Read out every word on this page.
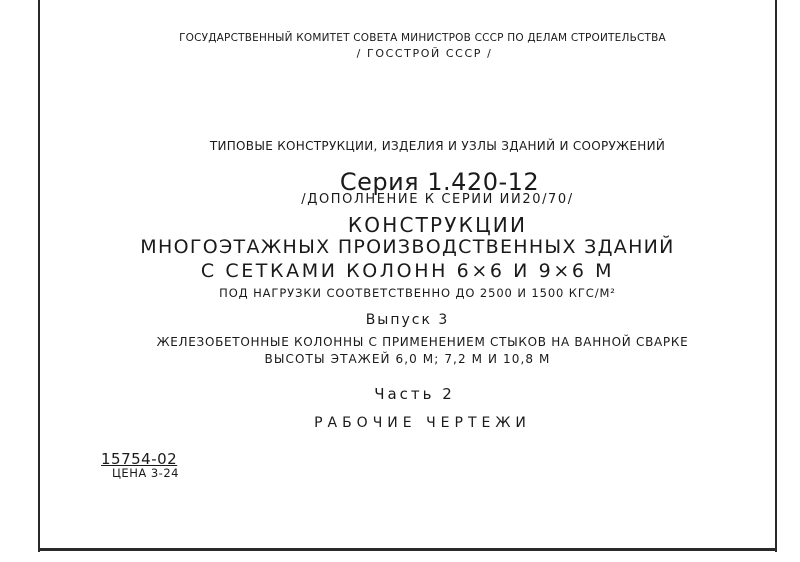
ГОСУДАРСТВЕННЫЙ КОМИТЕТ СОВЕТА МИНИСТРОВ СССР ПО ДЕЛАМ СТРОИТЕЛЬСТВА

/ ГОССТРОЙ СССР /

ТИПОВЫЕ КОНСТРУКЦИИ, ИЗДЕЛИЯ И УЗЛЫ ЗДАНИЙ И СООРУЖЕНИЙ

Серия 1.420-12

/ДОПОЛНЕНИЕ К СЕРИИ ИИ20/70/

КОНСТРУКЦИИ

МНОГОЭТАЖНЫХ ПРОИЗВОДСТВЕННЫХ ЗДАНИЙ

С СЕТКАМИ КОЛОНН 6×6 И 9×6 М

ПОД НАГРУЗКИ СООТВЕТСТВЕННО ДО 2500 И 1500 КГС/М²

Выпуск 3

ЖЕЛЕЗОБЕТОННЫЕ КОЛОННЫ С ПРИМЕНЕНИЕМ СТЫКОВ НА ВАННОЙ СВАРКЕ

ВЫСОТЫ ЭТАЖЕЙ 6,0 М; 7,2 М И 10,8 М

Часть 2

РАБОЧИЕ ЧЕРТЕЖИ

15754-02
ЦЕНА 3-24
